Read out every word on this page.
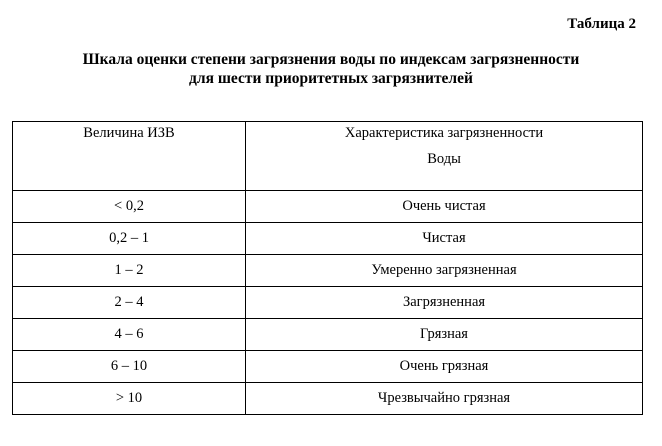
Таблица 2
Шкала оценки степени загрязнения воды по индексам загрязненности
для шести приоритетных загрязнителей
Величина ИЗВ	Характеристика загрязненности
Воды

< 0,2	Очень чистая
0,2 – 1	Чистая
1 – 2	Умеренно загрязненная
2 – 4	Загрязненная
4 – 6	Грязная
6 – 10	Очень грязная
> 10	Чрезвычайно грязная
